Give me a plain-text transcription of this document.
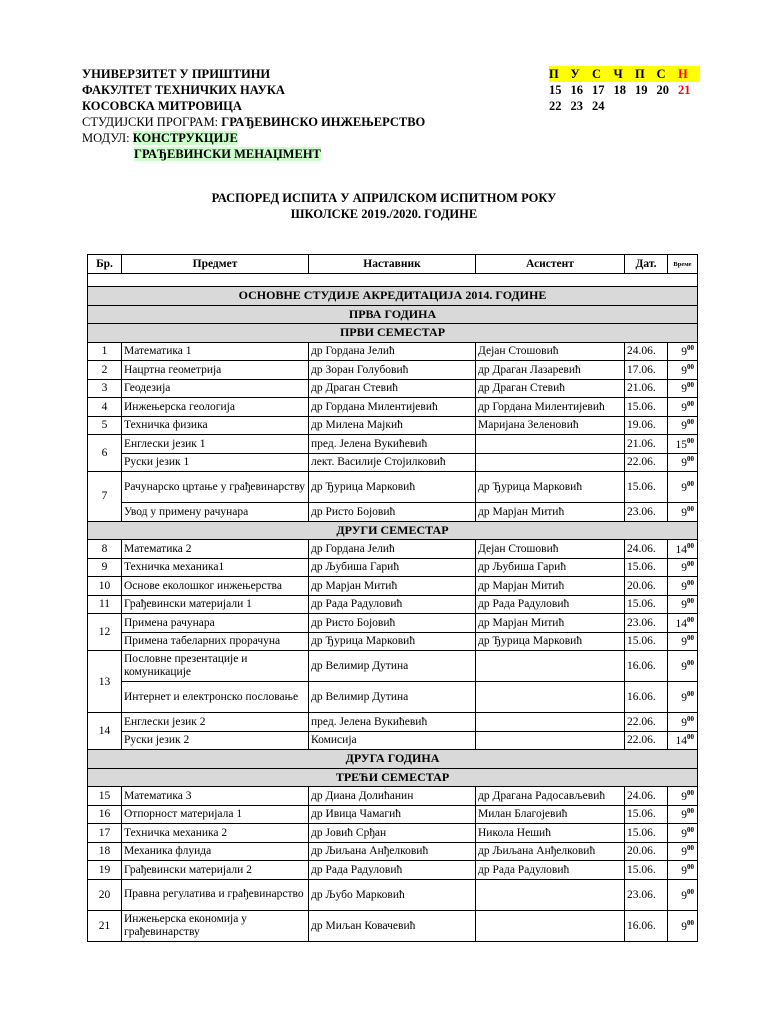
УНИВЕРЗИТЕТ У ПРИШТИНИ
ФАКУЛТЕТ ТЕХНИЧКИХ НАУКА
КОСОВСКА МИТРОВИЦА
СТУДИЈСКИ ПРОГРАМ: ГРАЂЕВИНСКО ИНЖЕЊЕРСТВО
МОДУЛ: КОНСТРУКЦИЈЕ
ГРАЂЕВИНСКИ МЕНАЏМЕНТ
П У С Ч П С Н
15 16 17 18 19 20 21
22 23 24
РАСПОРЕД ИСПИТА У АПРИЛСКОМ ИСПИТНОМ РОКУ
ШКОЛСКЕ 2019./2020. ГОДИНЕ
Бр.	Предмет	Наставник	Асистент	Дат.	Време

ОСНОВНЕ СТУДИЈЕ АКРЕДИТАЦИЈА 2014. ГОДИНЕ					
ПРВА ГОДИНА					
ПРВИ СЕМЕСТАР					
1	Математика 1	др Гордана Јелић	Дејан Стошовић	24.06.	$9^{00}$
2	Нацртна геометрија	др Зоран Голубовић	др Драган Лазаревић	17.06.	$9^{00}$
3	Геодезија	др Драган Стевић	др Драган Стевић	21.06.	$9^{00}$
4	Инжењерска геологија	др Гордана Милентијевић	др Гордана Милентијевић	15.06.	$9^{00}$
5	Техничка физика	др Милена Мајкић	Маријана Зеленовић	19.06.	$9^{00}$
6	Енглески језик 1	пред. Јелена Вукићевић		21.06.	$15^{00}$
	Руски језик 1	лект. Василије Стојилковић		22.06.	$9^{00}$
7	Рачунарско цртање у грађевинарству	др Ђурица Марковић	др Ђурица Марковић	15.06.	$9^{00}$
	Увод у примену рачунара	др Ристо Бојовић	др Марјан Митић	23.06.	$9^{00}$
ДРУГИ СЕМЕСТАР					
8	Математика 2	др Гордана Јелић	Дејан Стошовић	24.06.	$14^{00}$
9	Техничка механика1	др Љубиша Гарић	др Љубиша Гарић	15.06.	$9^{00}$
10	Основе еколошког инжењерства	др Марјан Митић	др Марјан Митић	20.06.	$9^{00}$
11	Грађевински материјали 1	др Рада Радуловић	др Рада Радуловић	15.06.	$9^{00}$
12	Примена рачунара	др Ристо Бојовић	др Марјан Митић	23.06.	$14^{00}$
	Примена табеларних прорачуна	др Ђурица Марковић	др Ђурица Марковић	15.06.	$9^{00}$
13	Пословне презентације и комуникације	др Велимир Дутина		16.06.	$9^{00}$
	Интернет и електронско пословање	др Велимир Дутина		16.06.	$9^{00}$
14	Енглески језик 2	пред. Јелена Вукићевић		22.06.	$9^{00}$
	Руски језик 2	Комисија		22.06.	$14^{00}$
ДРУГА ГОДИНА					
ТРЕЋИ СЕМЕСТАР					
15	Математика 3	др Диана Долићанин	др Драгана Радосављевић	24.06.	$9^{00}$
16	Отпорност материјала 1	др Ивица Чамагић	Милан Благојевић	15.06.	$9^{00}$
17	Техничка механика 2	др Јовић Срђан	Никола Нешић	15.06.	$9^{00}$
18	Механика флуида	др Љиљана Анђелковић	др Љиљана Анђелковић	20.06.	$9^{00}$
19	Грађевински материјали 2	др Рада Радуловић	др Рада Радуловић	15.06.	$9^{00}$
20	Правна регулатива и грађевинарство	др Љубо Марковић		23.06.	$9^{00}$
21	Инжењерска економија у грађевинарству	др Миљан Ковачевић		16.06.	$9^{00}$
